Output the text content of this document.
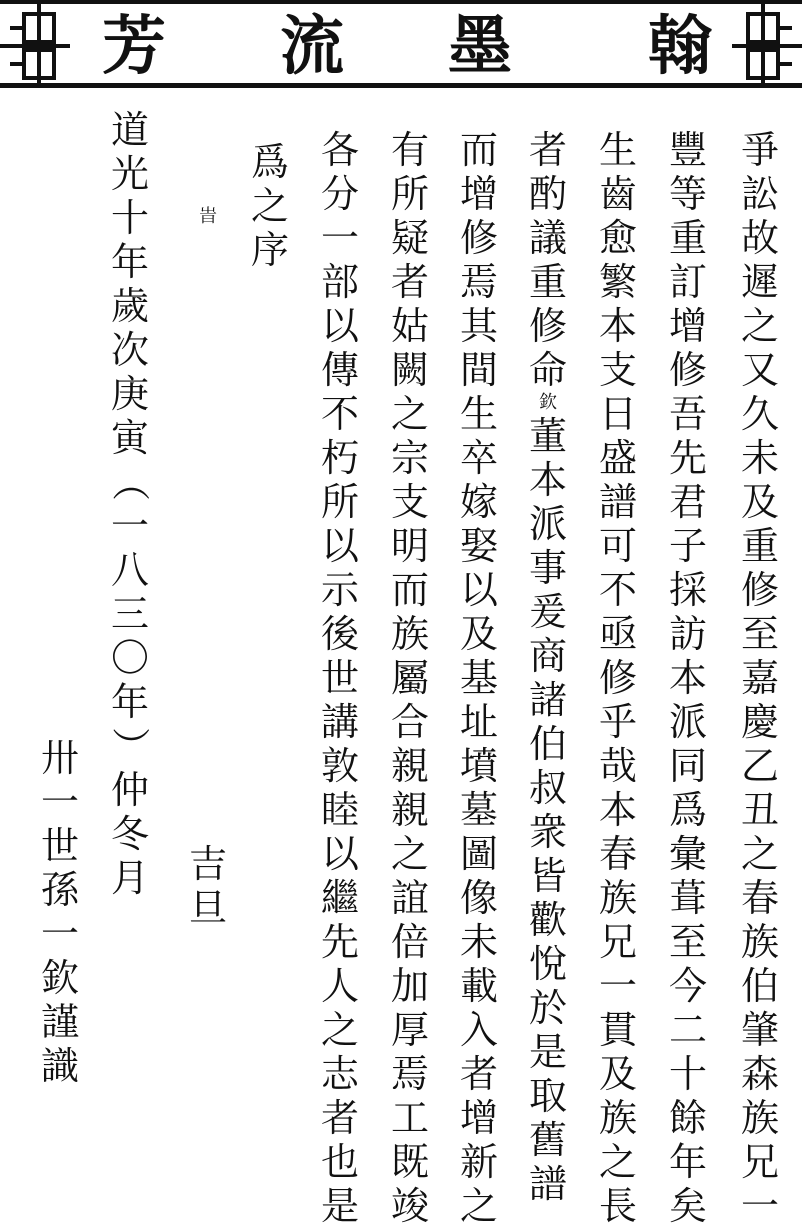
翰
墨
流
芳
爭
訟
故
遲
之
又
久
未
及
重
修
至
嘉
慶
乙
丑
之
春
族
伯
肇
森
族
兄
一
豐
等
重
訂
增
修
吾
先
君
子
採
訪
本
派
同
爲
彙
葺
至
今
二
十
餘
年
矣
生
齒
愈
繁
本
支
日
盛
譜
可
不
亟
修
乎
哉
本
春
族
兄
一
貫
及
族
之
長
者
酌
議
重
修
命
欽
董
本
派
事
爰
商
諸
伯
叔
衆
皆
歡
悅
於
是
取
舊
譜
而
增
修
焉
其
間
生
卒
嫁
娶
以
及
基
址
墳
墓
圖
像
未
載
入
者
增
新
之
有
所
疑
者
姑
闕
之
宗
支
明
而
族
屬
合
親
親
之
誼
倍
加
厚
焉
工
既
竣
各
分
一
部
以
傳
不
朽
所
以
示
後
世
講
敦
睦
以
繼
先
人
之
志
者
也
是
爲
之
序
旹
吉
旦
道
光
十
年
歲
次
庚
寅
（
一
八
三
〇
年
）
仲
冬
月
卅
一
世
孫
一
欽
謹
識
